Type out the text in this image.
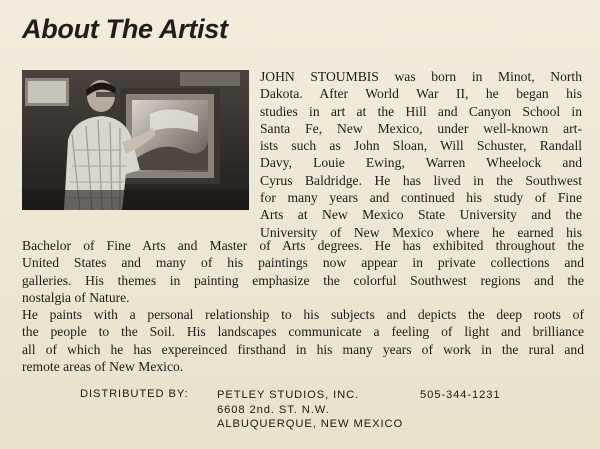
About The Artist
JOHN STOUMBIS was born in Minot, North
Dakota. After World War II, he began his
studies in art at the Hill and Canyon School in
Santa Fe, New Mexico, under well-known art-
ists such as John Sloan, Will Schuster, Randall
Davy, Louie Ewing, Warren Wheelock and
Cyrus Baldridge. He has lived in the Southwest
for many years and continued his study of Fine
Arts at New Mexico State University and the
University of New Mexico where he earned his
Bachelor of Fine Arts and Master of Arts degrees. He has exhibited throughout the
United States and many of his paintings now appear in private collections and
galleries. His themes in painting emphasize the colorful Southwest regions and the
nostalgia of Nature.
He paints with a personal relationship to his subjects and depicts the deep roots of
the people to the Soil. His landscapes communicate a feeling of light and brilliance
all of which he has expereinced firsthand in his many years of work in the rural and
remote areas of New Mexico.
DISTRIBUTED BY:	PETLEY STUDIOS, INC.
6608 2nd. ST. N.W.
ALBUQUERQUE, NEW MEXICO
505-344-1231
